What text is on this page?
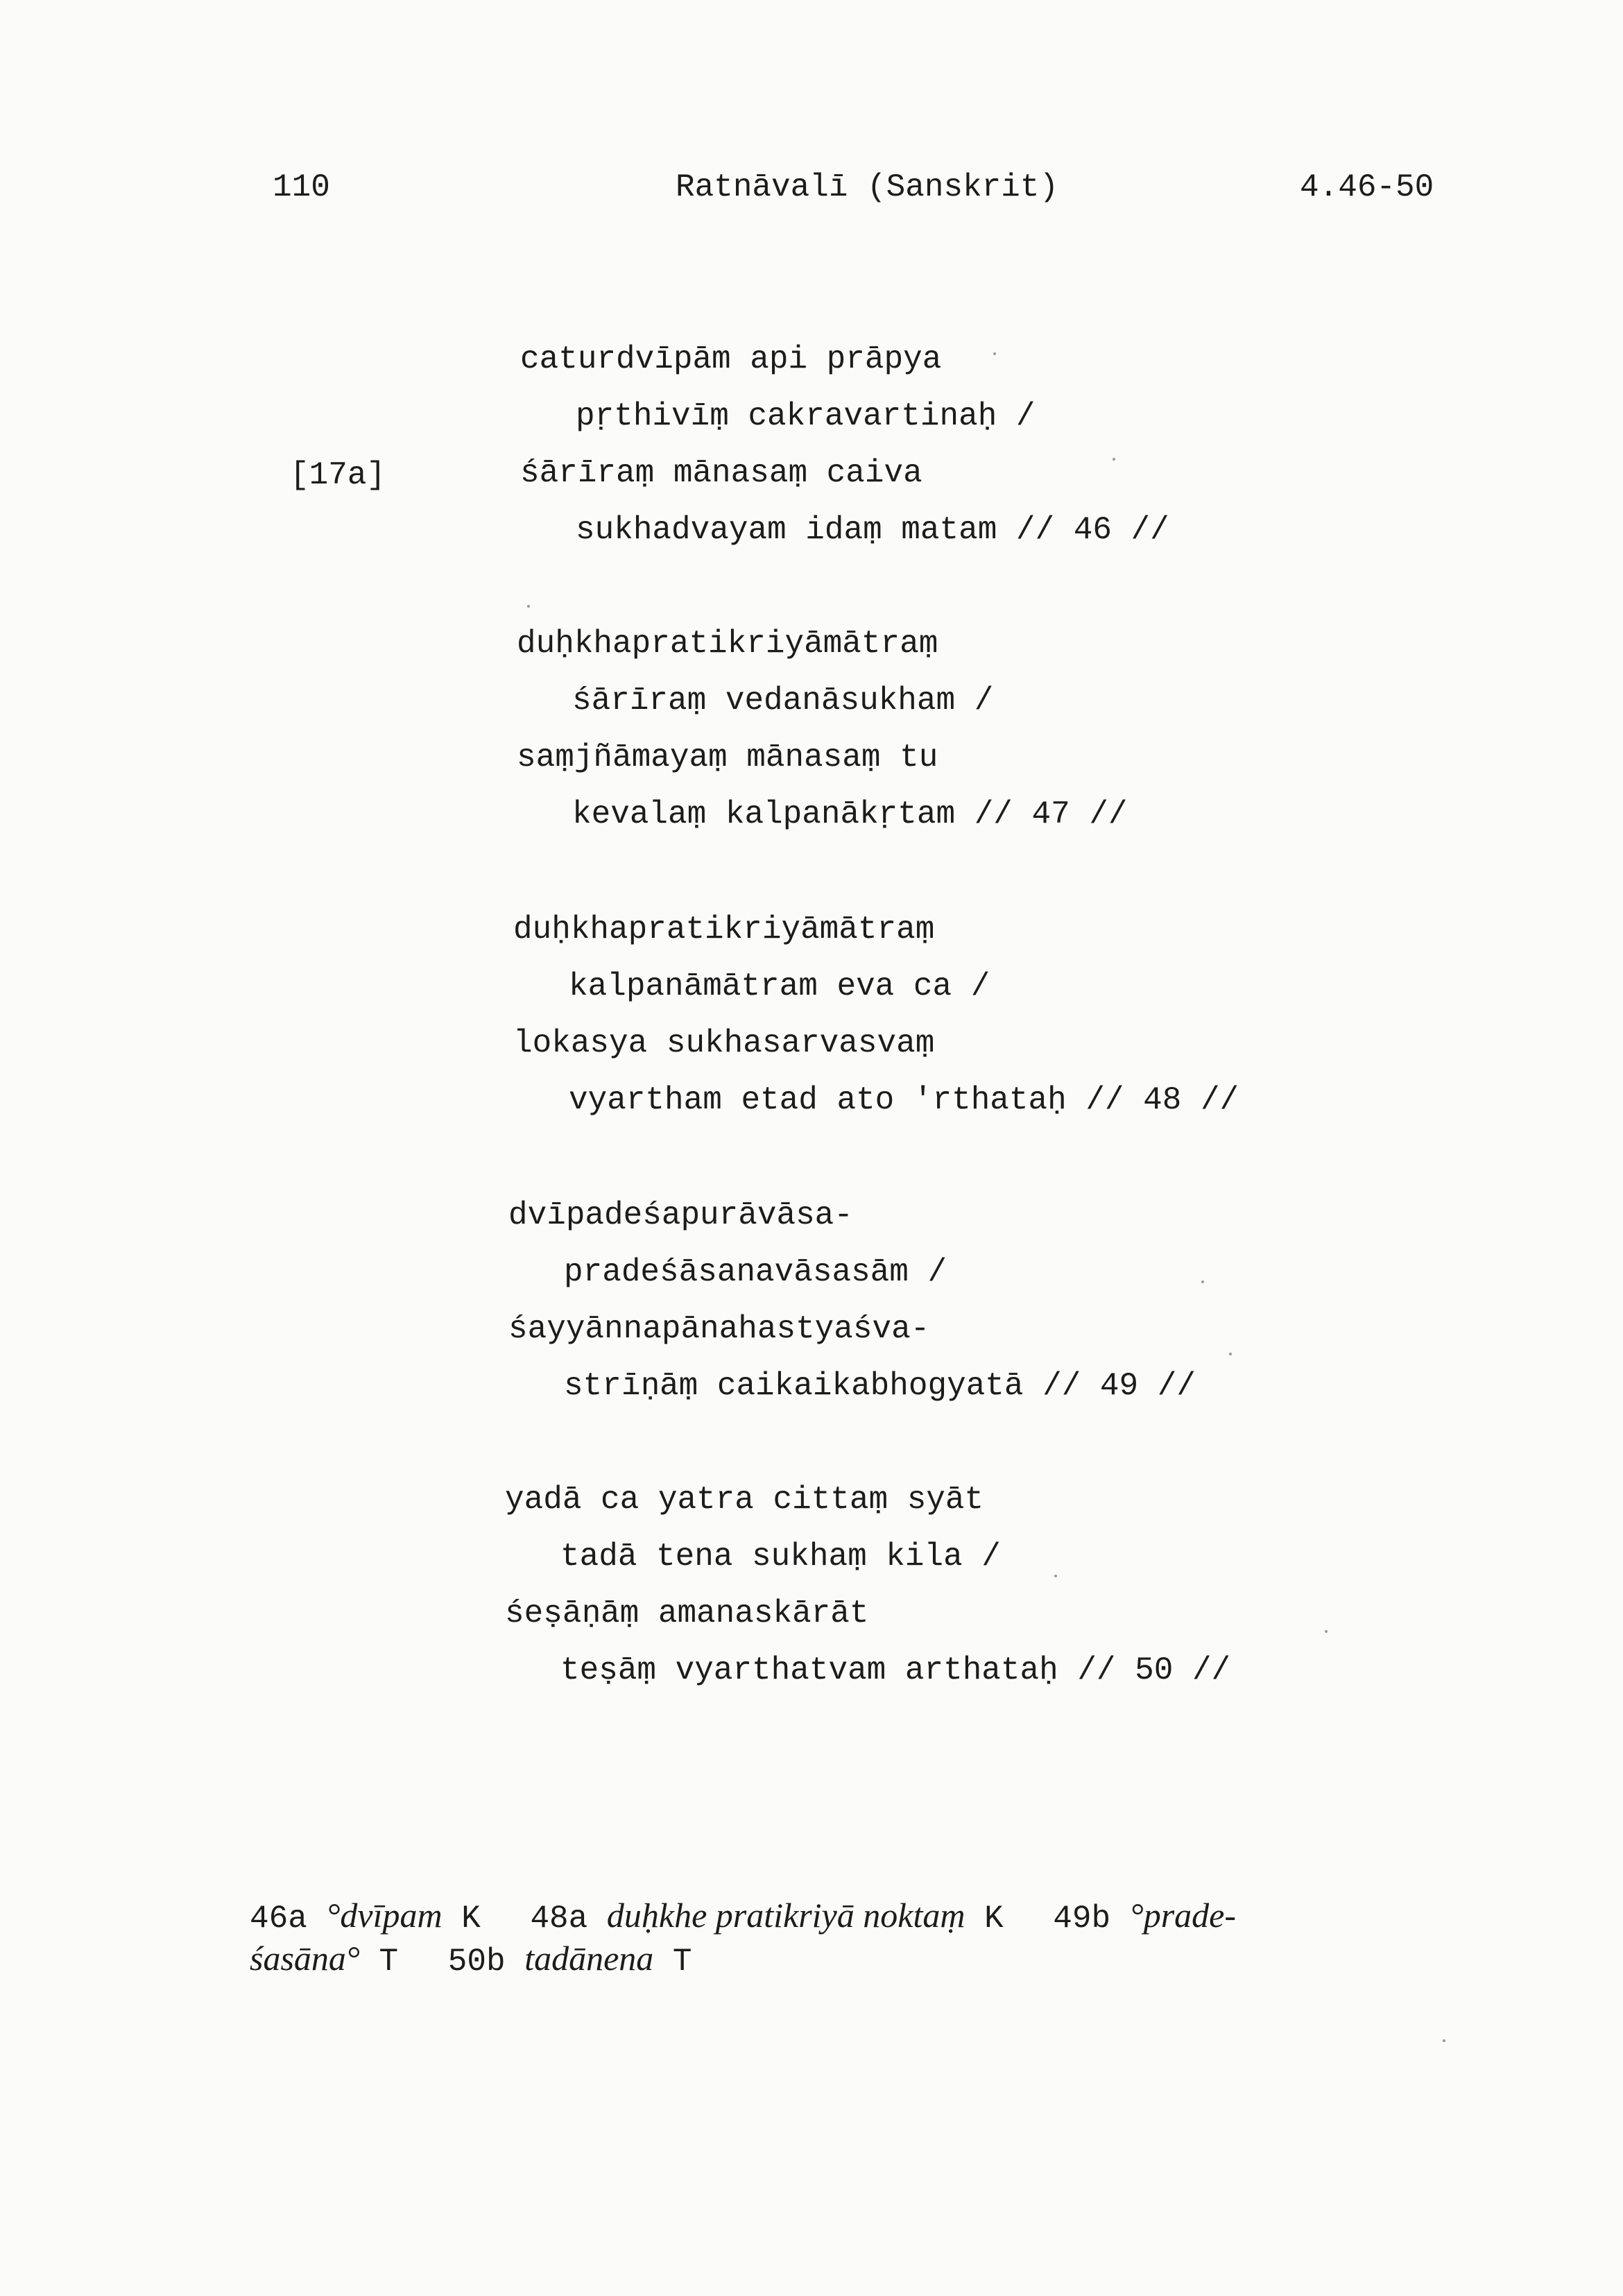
110	Ratnāvalī (Sanskrit)	4.46-50
[17a]
caturdvīpām api prāpya
pṛthivīṃ cakravartinaḥ /
śārīraṃ mānasaṃ caiva
sukhadvayam idaṃ matam // 46 //
duḥkhapratikriyāmātraṃ
śārīraṃ vedanāsukham /
saṃjñāmayaṃ mānasaṃ tu
kevalaṃ kalpanākṛtam // 47 //
duḥkhapratikriyāmātraṃ
kalpanāmātram eva ca /
lokasya sukhasarvasvaṃ
vyartham etad ato 'rthataḥ // 48 //
dvīpadeśapurāvāsa-
pradeśāsanavāsasām /
śayyānnapānahastyaśva-
strīṇāṃ caikaikabhogyatā // 49 //
yadā ca yatra cittaṃ syāt
tadā tena sukhaṃ kila /
śeṣāṇāṃ amanaskārāt
teṣāṃ vyarthatvam arthataḥ // 50 //
46a °dvīpam K 48a duḥkhe pratikriyā noktaṃ K 49b °prade-
śasāna° T 50b tadānena T
